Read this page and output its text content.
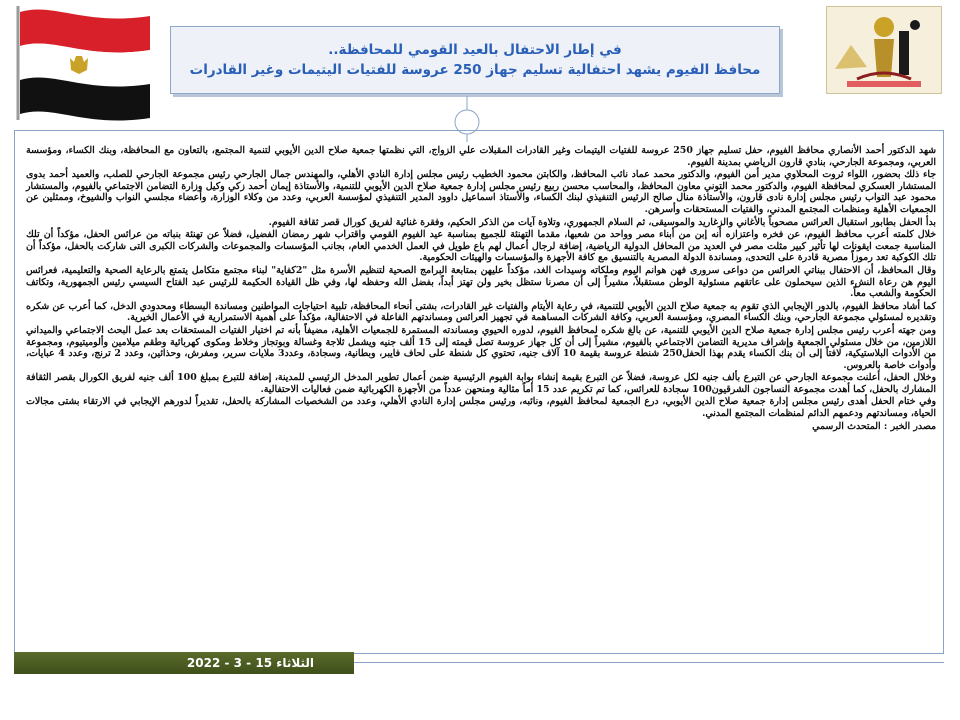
في إطار الاحتفال بالعيد القومي للمحافظة..
محافظ الفيوم يشهد احتفالية تسليم جهاز 250 عروسة للفتيات اليتيمات وغير القادرات

شهد الدكتور أحمد الأنصاري محافظ الفيوم، حفل تسليم جهاز 250 عروسة للفتيات اليتيمات وغير القادرات المقبلات علي الزواج، التي نظمتها جمعية صلاح الدين الأيوبي لتنمية المجتمع، بالتعاون مع المحافظة، وبنك الكساء، ومؤسسة العربي، ومجموعة الجارحي، بنادي قارون الرياضي بمدينة الفيوم.

جاء ذلك بحضور، اللواء ثروت المحلاوي مدير أمن الفيوم، والدكتور محمد عماد نائب المحافظ، والكابتن محمود الخطيب رئيس مجلس إدارة النادي الأهلي، والمهندس جمال الجارحي رئيس مجموعة الجارحي للصلب، والعميد أحمد بدوى المستشار العسكري لمحافظة الفيوم، والدكتور محمد التوني معاون المحافظ، والمحاسب محسن ربيع رئيس مجلس إدارة جمعية صلاح الدين الأيوبي للتنمية، والأستاذة إيمان أحمد زكي وكيل وزارة التضامن الاجتماعي بالفيوم، والمستشار محمود عبد التواب رئيس مجلس إدارة نادى قارون، والأستاذة منال صالح الرئيس التنفيذي لبنك الكساء، والأستاذ اسماعيل داوود المدير التنفيذي لمؤسسة العربي، وعدد من وكلاء الوزارة، وأعضاء مجلسي النواب والشيوخ، وممثلين عن الجمعيات الأهلية ومنظمات المجتمع المدني، والفتيات المستحقات وأسرهن.

بدأ الحفل بطابور استقبال العرائس مصحوباً بالأغاني والزغاريد والموسيقى، ثم السلام الجمهوري، وتلاوة آيات من الذكر الحكيم، وفقرة غنائية لفريق كورال قصر ثقافة الفيوم.

خلال كلمته أعرب محافظ الفيوم، عن فخره واعتزازه أنه إبن من أبناء مصر وواحد من شعبها، مقدما التهنئة للجميع بمناسبة عيد الفيوم القومي واقتراب شهر رمضان الفضيل، فضلاً عن تهنئة بنباته من عرائس الحفل، مؤكداً أن تلك المناسبة جمعت ايقونات لها تأثير كبير مثلت مصر في العديد من المحافل الدولية الرياضية، إضافة لرجال أعمال لهم باع طويل في العمل الخدمي العام، بجانب المؤسسات والمجموعات والشركات الكبرى التى شاركت بالحفل، مؤكداً أن تلك الكوكبة تعد رموزاً مصرية قادرة على التحدى، ومساندة الدولة المصرية بالتنسيق مع كافة الأجهزة والمؤسسات والهيئات الحكومية.

وقال المحافظ، أن الاحتفال ببناتي العرائس من دواعى سرورى فهن هوانم اليوم وملكاته وسيدات الغد، مؤكداً عليهن بمتابعة البرامج الصحية لتنظيم الأسرة مثل "2كفاية" لبناء مجتمع متكامل يتمتع بالرعاية الصحية والتعليمية، فعرائس اليوم هن رعاة النشء الذين سيحملون على عاتقهم مسئولية الوطن مستقبلاً، مشيراً إلى أن مصرنا ستظل بخير ولن تهتز أبداً، بفضل الله وحفظه لها، وفي ظل القيادة الحكيمة للرئيس عبد الفتاح السيسي رئيس الجمهورية، وتكاتف الحكومة والشعب معاً.

كما أشاد محافظ الفيوم، بالدور الإيجابي الذي تقوم به جمعية صلاح الدين الأيوبي للتنمية، في رعاية الأيتام والفتيات غير القادرات، بشتى أنحاء المحافظة، تلبية احتياجات المواطنين ومساندة البسطاء ومحدودي الدخل، كما أعرب عن شكره وتقديره لمسئولي مجموعة الجارحي، وبنك الكساء المصري، ومؤسسة العربي، وكافة الشركات المساهمة في تجهيز العرائس ومساندتهم الفاعلة في الاحتفالية، مؤكداً على أهمية الاستمرارية في الأعمال الخيرية.

ومن جهته أعرب رئيس مجلس إدارة جمعية صلاح الدين الأيوبي للتنمية، عن بالغ شكره لمحافظ الفيوم، لدوره الحيوي ومساندته المستمرة للجمعيات الأهلية، مضيفاً بأنه تم اختيار الفتيات المستحقات بعد عمل البحث الاجتماعي والميداني اللازمين، من خلال مسئولي الجمعية وإشراف مديرية التضامن الاجتماعي بالفيوم، مشيراً إلى أن كل جهاز عروسة تصل قيمته إلى 15 ألف جنيه ويشمل ثلاجة وغسالة وبوتجاز وخلاط ومكوى كهربائية وطقم ميلامين وألوميتيوم، ومجموعة من الأدوات البلاستيكية، لافتاً إلى أن بنك الكساء يقدم بهذا الحفل250 شنطة عروسة بقيمة 10 آلاف جنيه، تحتوي كل شنطة على لحاف فايبر، وبطانية، وسجادة، وعدد3 ملايات سرير، ومفرش، وحذائين، وعدد 2 ترنج، وعدد 4 عبايات، وأدوات خاصة بالعروس.

وخلال الحفل، أعلنت مجموعة الجارحي عن التبرع بألف جنيه لكل عروسة، فضلاً عن التبرع بقيمة إنشاء بوابة الفيوم الرئيسية ضمن أعمال تطوير المدخل الرئيسي للمدينة، إضافة للتبرع بمبلغ 100 ألف جنيه لفريق الكورال بقصر الثقافة المشارك بالحفل، كما أهدت مجموعة النساجون الشرقيون100 سجادة للعرائس، كما تم تكريم عدد 15 أماً مثالية ومنحهن عدداً من الأجهزة الكهربائية ضمن فعاليات الاحتفالية.

وفي ختام الحفل أهدى رئيس مجلس إدارة جمعية صلاح الدين الأيوبي، درع الجمعية لمحافظ الفيوم، ونائبه، ورئيس مجلس إدارة النادي الأهلي، وعدد من الشخصيات المشاركة بالحفل، تقديراً لدورهم الإيجابي في الارتقاء بشتى مجالات الحياة، ومساندتهم ودعمهم الدائم لمنظمات المجتمع المدني.

مصدر الخبر : المتحدث الرسمي

الثلاثاء 15 - 3 - 2022
